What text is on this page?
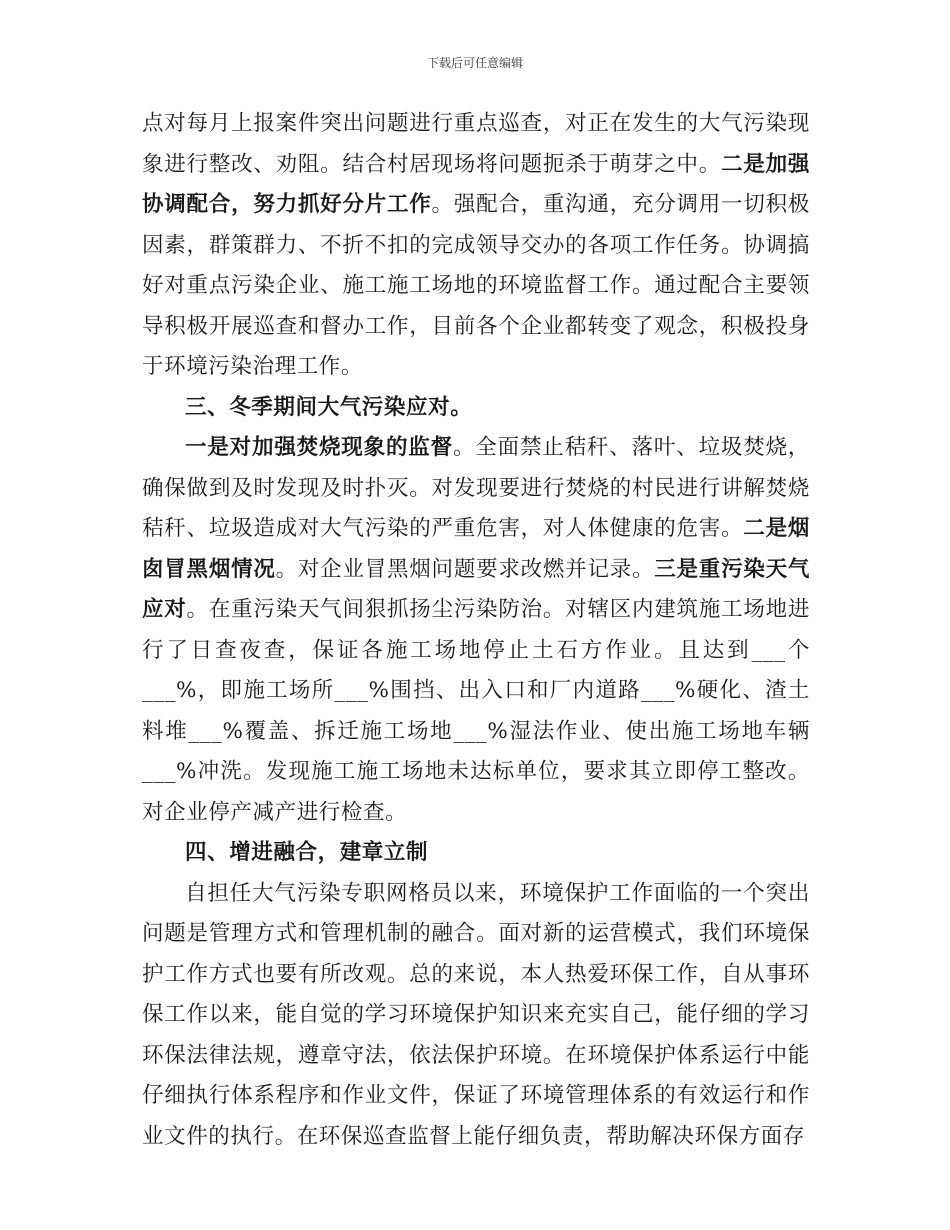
下载后可任意编辑

点对每月上报案件突出问题进行重点巡查，对正在发生的大气污染现象进行整改、劝阻。结合村居现场将问题扼杀于萌芽之中。二是加强协调配合，努力抓好分片工作。强配合，重沟通，充分调用一切积极因素，群策群力、不折不扣的完成领导交办的各项工作任务。协调搞好对重点污染企业、施工施工场地的环境监督工作。通过配合主要领导积极开展巡查和督办工作，目前各个企业都转变了观念，积极投身于环境污染治理工作。

三、冬季期间大气污染应对。

一是对加强焚烧现象的监督。全面禁止秸秆、落叶、垃圾焚烧，确保做到及时发现及时扑灭。对发现要进行焚烧的村民进行讲解焚烧秸秆、垃圾造成对大气污染的严重危害，对人体健康的危害。二是烟囱冒黑烟情况。对企业冒黑烟问题要求改燃并记录。三是重污染天气应对。在重污染天气间狠抓扬尘污染防治。对辖区内建筑施工场地进行了日查夜查，保证各施工场地停止土石方作业。且达到___个___%，即施工场所___%围挡、出入口和厂内道路___%硬化、渣土料堆___%覆盖、拆迁施工场地___%湿法作业、使出施工场地车辆___%冲洗。发现施工施工场地未达标单位，要求其立即停工整改。对企业停产减产进行检查。

四、增进融合，建章立制

自担任大气污染专职网格员以来，环境保护工作面临的一个突出问题是管理方式和管理机制的融合。面对新的运营模式，我们环境保护工作方式也要有所改观。总的来说，本人热爱环保工作，自从事环保工作以来，能自觉的学习环境保护知识来充实自己，能仔细的学习环保法律法规，遵章守法，依法保护环境。在环境保护体系运行中能仔细执行体系程序和作业文件，保证了环境管理体系的有效运行和作业文件的执行。在环保巡查监督上能仔细负责，帮助解决环保方面存
